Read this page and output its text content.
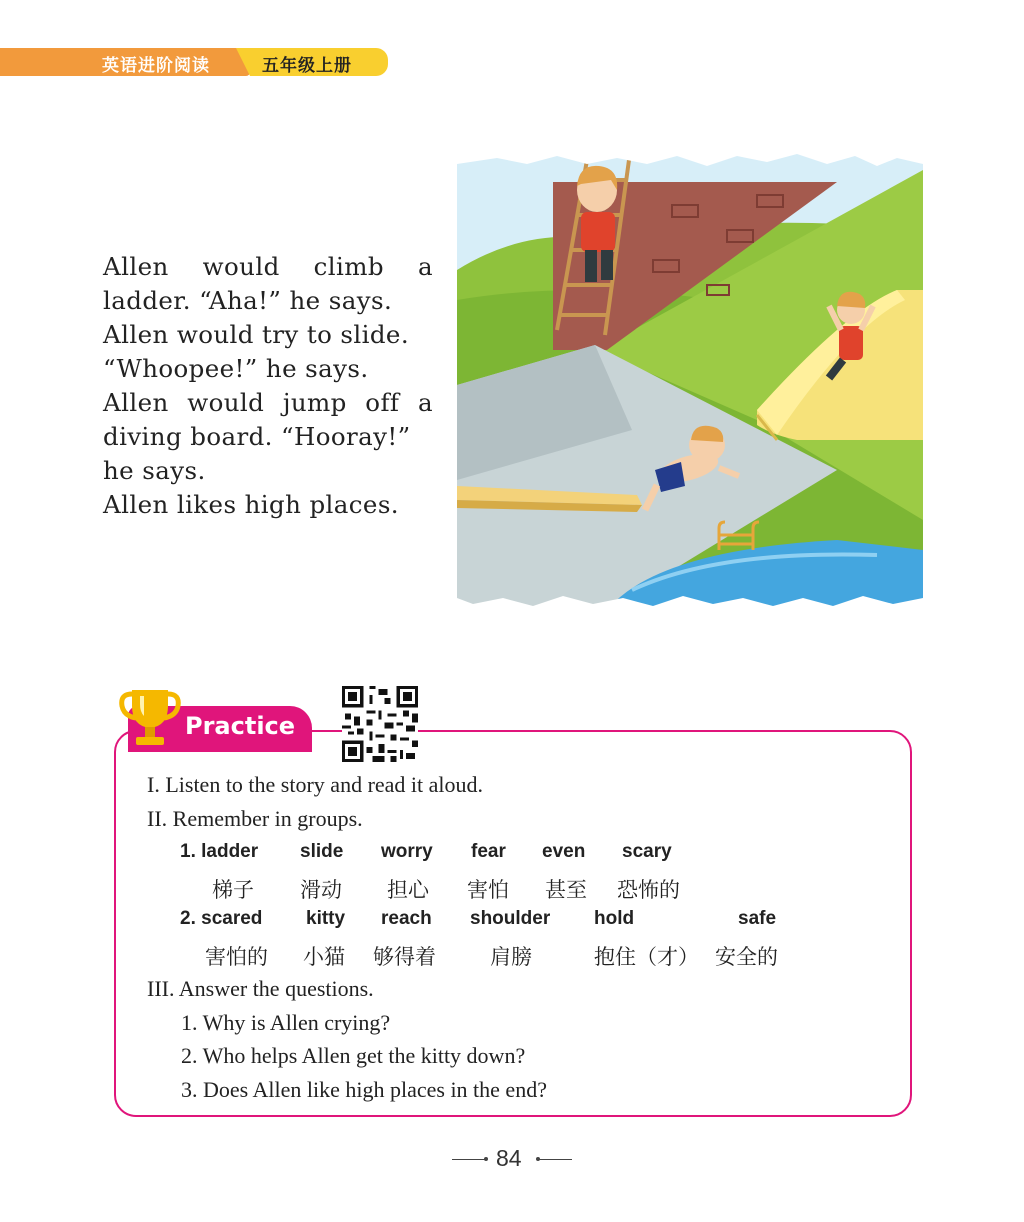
英语进阶阅读	五年级上册
Allen would climb a
ladder. “Aha!” he says.
Allen would try to slide.
“Whoopee!” he says.
Allen would jump off a
diving board. “Hooray!”
he says.
Allen likes high places.
Practice
I. Listen to the story and read it aloud.
II. Remember in groups.
1. ladder slide worry fear even scary
梯子 滑动 担心 害怕 甚至 恐怖的
2. scared kitty reach shoulder hold	safe
害怕的 小猫 够得着	肩膀	抱住（才） 安全的
III. Answer the questions.
1. Why is Allen crying?
2. Who helps Allen get the kitty down?
3. Does Allen like high places in the end?
84
